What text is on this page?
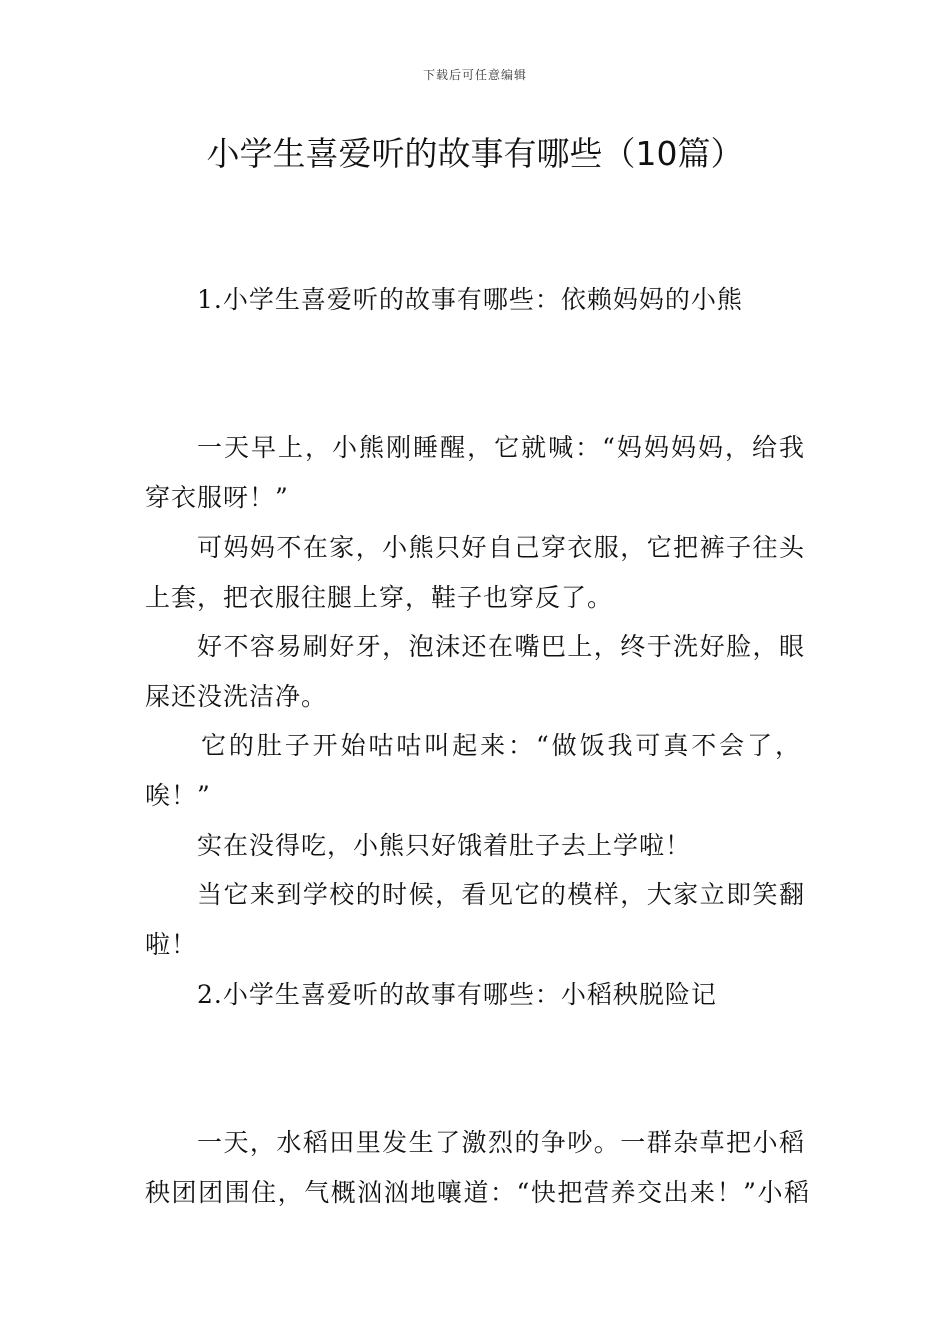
下载后可任意编辑
小学生喜爱听的故事有哪些（10篇）
1.小学生喜爱听的故事有哪些：依赖妈妈的小熊
一天早上，小熊刚睡醒，它就喊：“妈妈妈妈，给我
穿衣服呀！”
可妈妈不在家，小熊只好自己穿衣服，它把裤子往头
上套，把衣服往腿上穿，鞋子也穿反了。
好不容易刷好牙，泡沫还在嘴巴上，终于洗好脸，眼
屎还没洗洁净。
它的肚子开始咕咕叫起来：“做饭我可真不会了，
唉！”
实在没得吃，小熊只好饿着肚子去上学啦！
当它来到学校的时候，看见它的模样，大家立即笑翻
啦！
2.小学生喜爱听的故事有哪些：小稻秧脱险记
一天，水稻田里发生了激烈的争吵。一群杂草把小稻
秧团团围住，气概汹汹地嚷道：“快把营养交出来！”小稻
